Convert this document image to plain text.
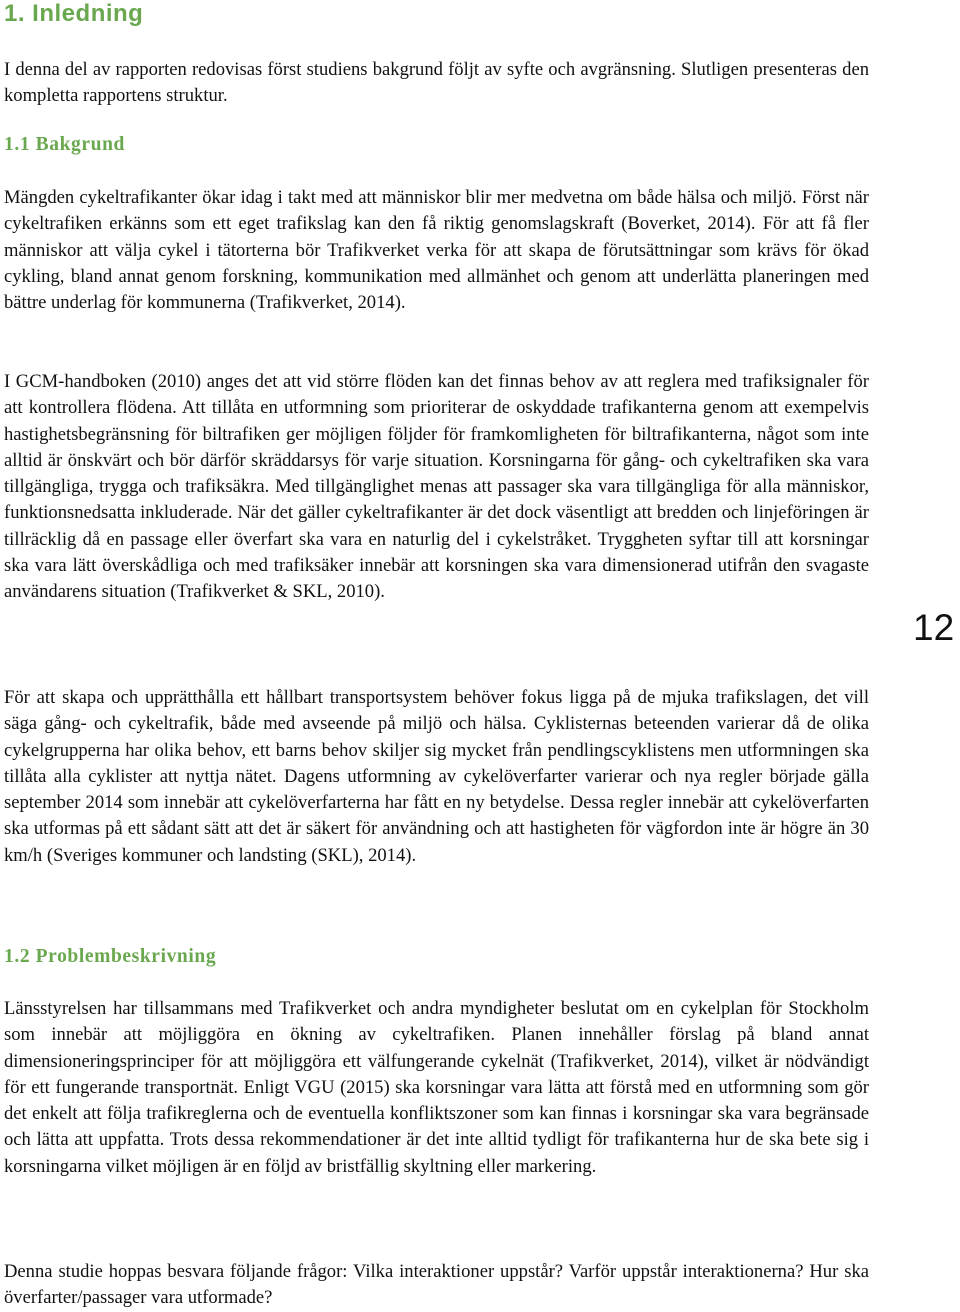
1. Inledning

I denna del av rapporten redovisas först studiens bakgrund följt av syfte och avgränsning. Slutligen presenteras den kompletta rapportens struktur.

1.1 Bakgrund

Mängden cykeltrafikanter ökar idag i takt med att människor blir mer medvetna om både hälsa och miljö. Först när cykeltrafiken erkänns som ett eget trafikslag kan den få riktig genomslagskraft (Boverket, 2014). För att få fler människor att välja cykel i tätorterna bör Trafikverket verka för att skapa de förutsättningar som krävs för ökad cykling, bland annat genom forskning, kommunikation med allmänhet och genom att underlätta planeringen med bättre underlag för kommunerna (Trafikverket, 2014).

I GCM-handboken (2010) anges det att vid större flöden kan det finnas behov av att reglera med trafiksignaler för att kontrollera flödena. Att tillåta en utformning som prioriterar de oskyddade trafikanterna genom att exempelvis hastighetsbegränsning för biltrafiken ger möjligen följder för framkomligheten för biltrafikanterna, något som inte alltid är önskvärt och bör därför skräddarsys för varje situation. Korsningarna för gång- och cykeltrafiken ska vara tillgängliga, trygga och trafiksäkra. Med tillgänglighet menas att passager ska vara tillgängliga för alla människor, funktionsnedsatta inkluderade. När det gäller cykeltrafikanter är det dock väsentligt att bredden och linjeföringen är tillräcklig då en passage eller överfart ska vara en naturlig del i cykelstråket. Tryggheten syftar till att korsningar ska vara lätt överskådliga och med trafiksäker innebär att korsningen ska vara dimensionerad utifrån den svagaste användarens situation (Trafikverket & SKL, 2010).

För att skapa och upprätthålla ett hållbart transportsystem behöver fokus ligga på de mjuka trafikslagen, det vill säga gång- och cykeltrafik, både med avseende på miljö och hälsa. Cyklisternas beteenden varierar då de olika cykelgrupperna har olika behov, ett barns behov skiljer sig mycket från pendlingscyklistens men utformningen ska tillåta alla cyklister att nyttja nätet. Dagens utformning av cykelöverfarter varierar och nya regler började gälla september 2014 som innebär att cykelöverfarterna har fått en ny betydelse. Dessa regler innebär att cykelöverfarten ska utformas på ett sådant sätt att det är säkert för användning och att hastigheten för vägfordon inte är högre än 30 km/h (Sveriges kommuner och landsting (SKL), 2014).

1.2 Problembeskrivning

Länsstyrelsen har tillsammans med Trafikverket och andra myndigheter beslutat om en cykelplan för Stockholm som innebär att möjliggöra en ökning av cykeltrafiken. Planen innehåller förslag på bland annat dimensioneringsprinciper för att möjliggöra ett välfungerande cykelnät (Trafikverket, 2014), vilket är nödvändigt för ett fungerande transportnät. Enligt VGU (2015) ska korsningar vara lätta att förstå med en utformning som gör det enkelt att följa trafikreglerna och de eventuella konfliktszoner som kan finnas i korsningar ska vara begränsade och lätta att uppfatta. Trots dessa rekommendationer är det inte alltid tydligt för trafikanterna hur de ska bete sig i korsningarna vilket möjligen är en följd av bristfällig skyltning eller markering.

Denna studie hoppas besvara följande frågor: Vilka interaktioner uppstår? Varför uppstår interaktionerna? Hur ska överfarter/passager vara utformade?

12
